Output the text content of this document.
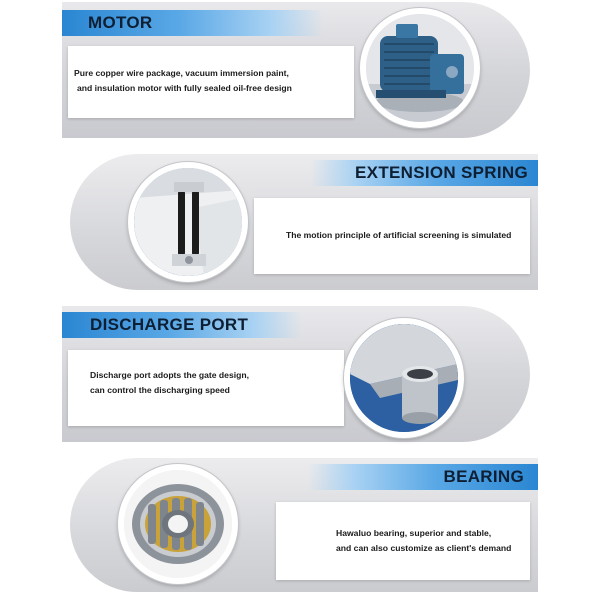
MOTOR
Pure copper wire package, vacuum immersion paint,
and insulation motor with fully sealed oil-free design
EXTENSION SPRING
The motion principle of artificial screening is simulated
DISCHARGE PORT
Discharge port adopts the gate design,
can control the discharging speed
BEARING
Hawaluo bearing, superior and stable,
and can also customize as client's demand
